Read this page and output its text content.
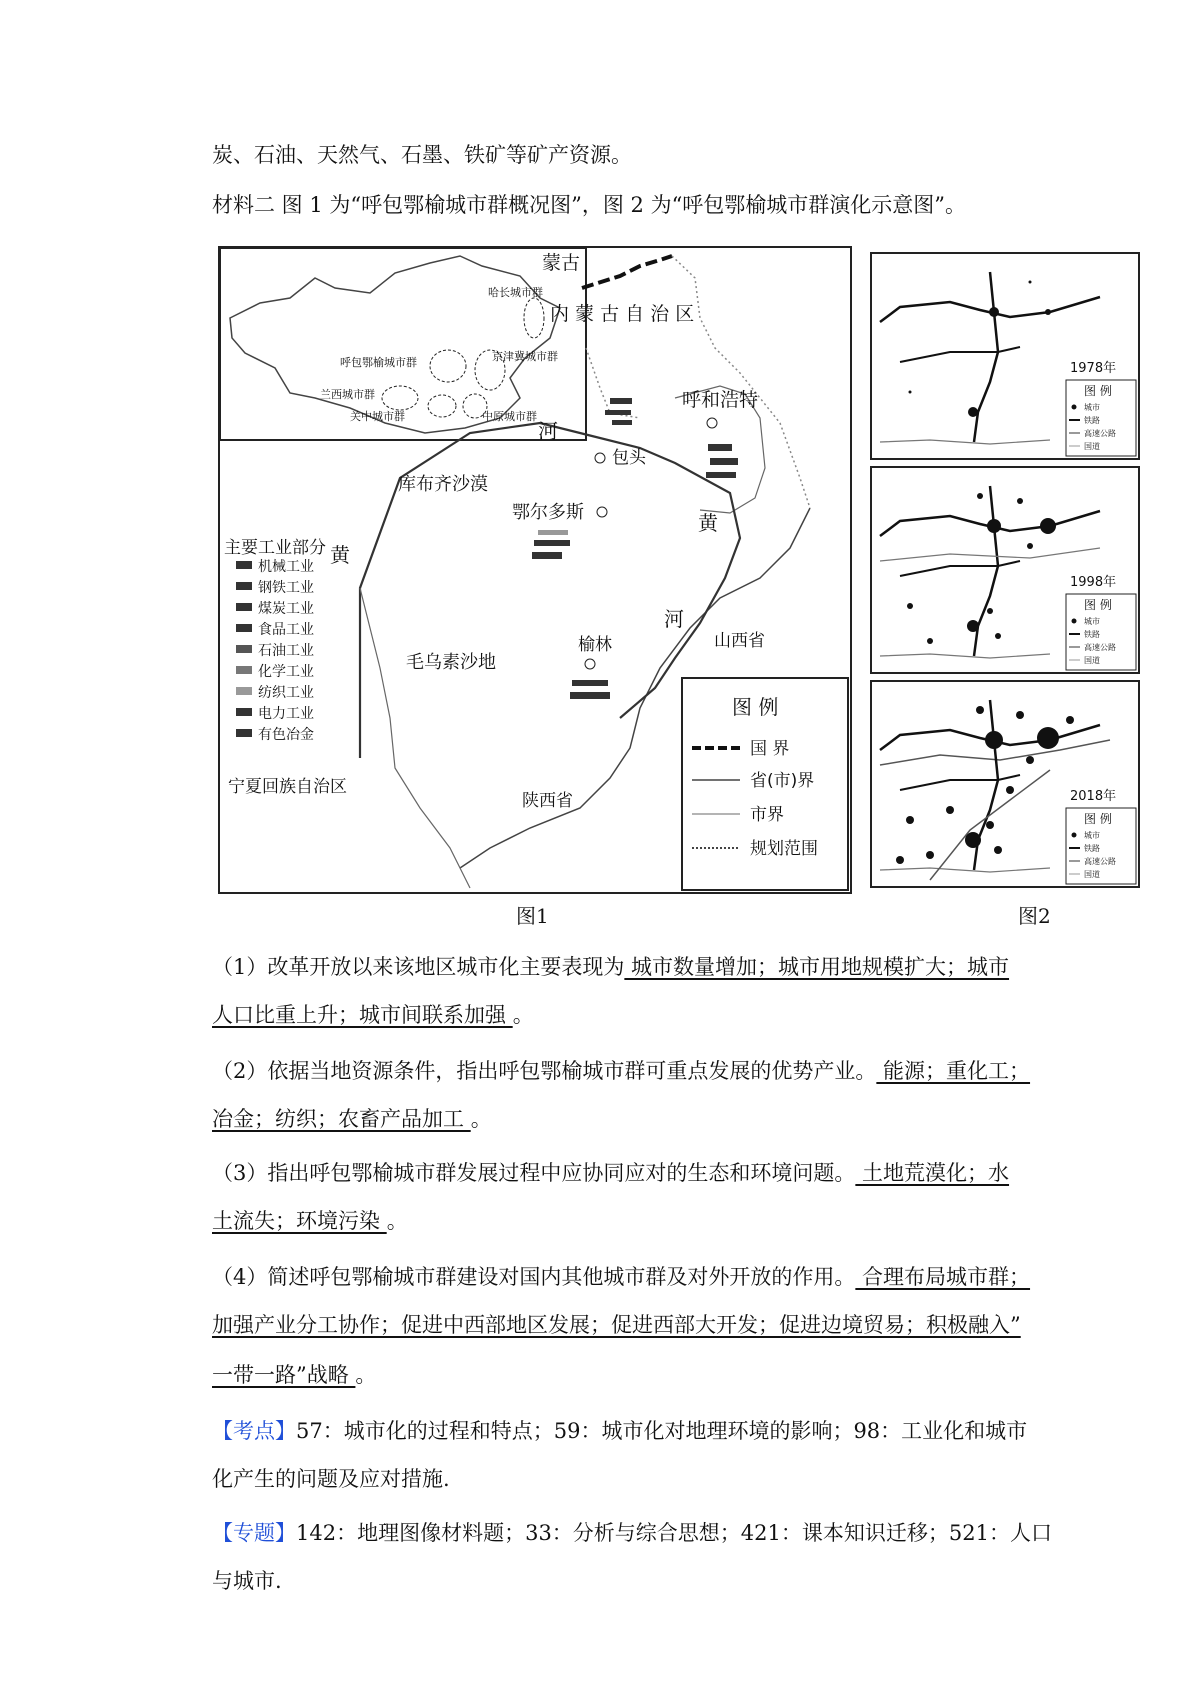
炭、石油、天然气、石墨、铁矿等矿产资源。
材料二 图 1 为“呼包鄂榆城市群概况图”，图 2 为“呼包鄂榆城市群演化示意图”。
哈长城市群
呼包鄂榆城市群	京津冀城市群
兰西城市群
关中城市群	中原城市群
蒙古
内 蒙 古 自 治 区
呼和浩特
包头
河
库布齐沙漠
鄂尔多斯	黄
黄
河
山西省
榆林
毛乌素沙地
宁夏回族自治区
陕西省
主要工业部分
机械工业
钢铁工业
煤炭工业
食品工业
石油工业
化学工业
纺织工业
电力工业
有色冶金
图 例
国 界
省(市)界
市界
规划范围
图1
1978年
图 例
城市
铁路
高速公路
国道
1998年
图 例
城市
铁路
高速公路
国道
2018年
图 例
城市
铁路
高速公路
国道
图2
（1）改革开放以来该地区城市化主要表现为 城市数量增加；城市用地规模扩大；城市
人口比重上升；城市间联系加强 。
（2）依据当地资源条件，指出呼包鄂榆城市群可重点发展的优势产业。 能源；重化工；
冶金；纺织；农畜产品加工 。
（3）指出呼包鄂榆城市群发展过程中应协同应对的生态和环境问题。 土地荒漠化；水
土流失；环境污染 。
（4）简述呼包鄂榆城市群建设对国内其他城市群及对外开放的作用。 合理布局城市群；
加强产业分工协作；促进中西部地区发展；促进西部大开发；促进边境贸易；积极融入”
一带一路”战略 。
【考点】57：城市化的过程和特点；59：城市化对地理环境的影响；98：工业化和城市
化产生的问题及应对措施.
【专题】142：地理图像材料题；33：分析与综合思想；421：课本知识迁移；521：人口
与城市.
